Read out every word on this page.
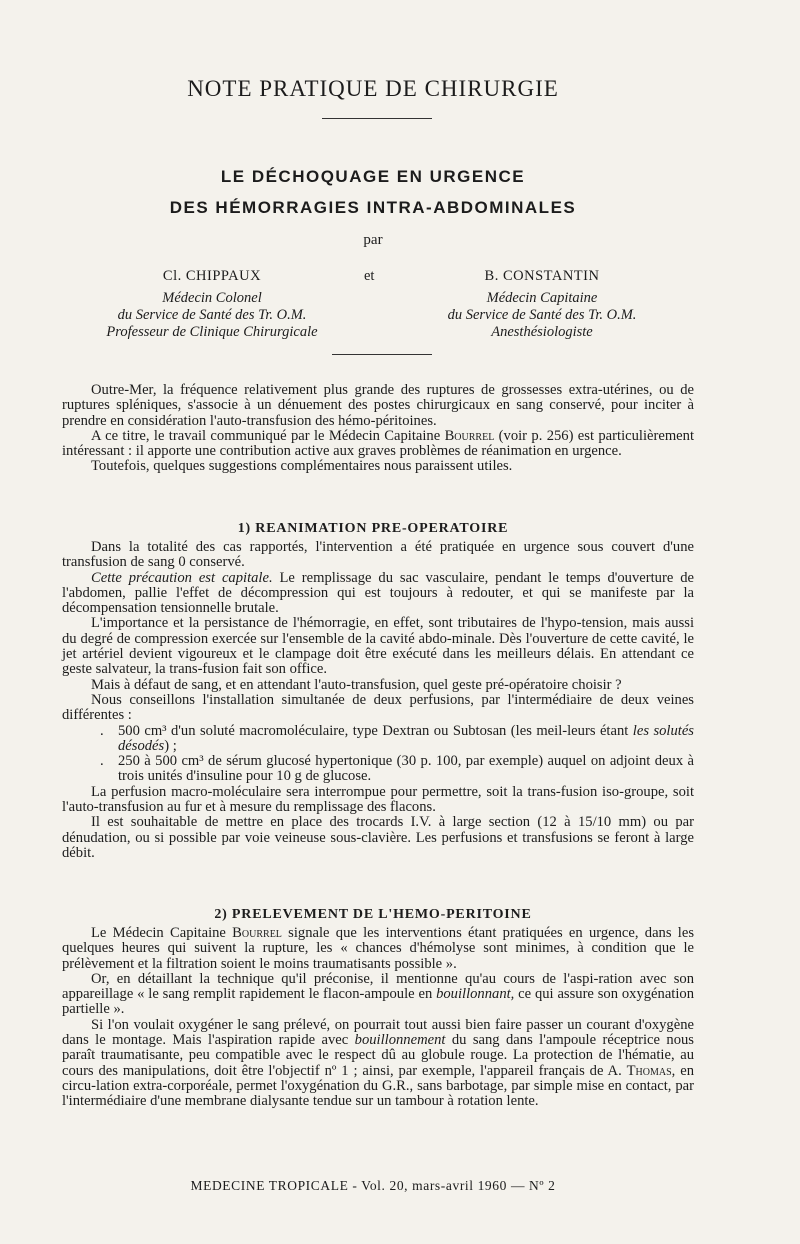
NOTE PRATIQUE DE CHIRURGIE
LE DÉCHOQUAGE EN URGENCE
DES HÉMORRAGIES INTRA-ABDOMINALES
par
Cl. CHIPPAUX
Médecin Colonel
du Service de Santé des Tr. O.M.
Professeur de Clinique Chirurgicale
et	B. CONSTANTIN
Médecin Capitaine
du Service de Santé des Tr. O.M.
Anesthésiologiste

Outre-Mer, la fréquence relativement plus grande des ruptures de grossesses extra-utérines, ou de ruptures spléniques, s'associe à un dénuement des postes chirurgicaux en sang conservé, pour inciter à prendre en considération l'auto-transfusion des hémo-péritoines.

A ce titre, le travail communiqué par le Médecin Capitaine Bourrel (voir p. 256) est particulièrement intéressant : il apporte une contribution active aux graves problèmes de réanimation en urgence.

Toutefois, quelques suggestions complémentaires nous paraissent utiles.

1) REANIMATION PRE-OPERATOIRE

Dans la totalité des cas rapportés, l'intervention a été pratiquée en urgence sous couvert d'une transfusion de sang 0 conservé.

Cette précaution est capitale. Le remplissage du sac vasculaire, pendant le temps d'ouverture de l'abdomen, pallie l'effet de décompression qui est toujours à redouter, et qui se manifeste par la décompensation tensionnelle brutale.

L'importance et la persistance de l'hémorragie, en effet, sont tributaires de l'hypo-tension, mais aussi du degré de compression exercée sur l'ensemble de la cavité abdo-minale. Dès l'ouverture de cette cavité, le jet artériel devient vigoureux et le clampage doit être exécuté dans les meilleurs délais. En attendant ce geste salvateur, la trans-fusion fait son office.

Mais à défaut de sang, et en attendant l'auto-transfusion, quel geste pré-opératoire choisir ?

Nous conseillons l'installation simultanée de deux perfusions, par l'intermédiaire de deux veines différentes :

. 500 cm³ d'un soluté macromoléculaire, type Dextran ou Subtosan (les meil-leurs étant les solutés désodés) ;

. 250 à 500 cm³ de sérum glucosé hypertonique (30 p. 100, par exemple) auquel on adjoint deux à trois unités d'insuline pour 10 g de glucose.

La perfusion macro-moléculaire sera interrompue pour permettre, soit la trans-fusion iso-groupe, soit l'auto-transfusion au fur et à mesure du remplissage des flacons.

Il est souhaitable de mettre en place des trocards I.V. à large section (12 à 15/10 mm) ou par dénudation, ou si possible par voie veineuse sous-clavière. Les perfusions et transfusions se feront à large débit.

2) PRELEVEMENT DE L'HEMO-PERITOINE

Le Médecin Capitaine Bourrel signale que les interventions étant pratiquées en urgence, dans les quelques heures qui suivent la rupture, les « chances d'hémolyse sont minimes, à condition que le prélèvement et la filtration soient le moins traumatisants possible ».

Or, en détaillant la technique qu'il préconise, il mentionne qu'au cours de l'aspi-ration avec son appareillage « le sang remplit rapidement le flacon-ampoule en bouillonnant, ce qui assure son oxygénation partielle ».

Si l'on voulait oxygéner le sang prélevé, on pourrait tout aussi bien faire passer un courant d'oxygène dans le montage. Mais l'aspiration rapide avec bouillonnement du sang dans l'ampoule réceptrice nous paraît traumatisante, peu compatible avec le respect dû au globule rouge. La protection de l'hématie, au cours des manipulations, doit être l'objectif nº 1 ; ainsi, par exemple, l'appareil français de A. Thomas, en circu-lation extra-corporéale, permet l'oxygénation du G.R., sans barbotage, par simple mise en contact, par l'intermédiaire d'une membrane dialysante tendue sur un tambour à rotation lente.

MEDECINE TROPICALE - Vol. 20, mars-avril 1960 — Nº 2
